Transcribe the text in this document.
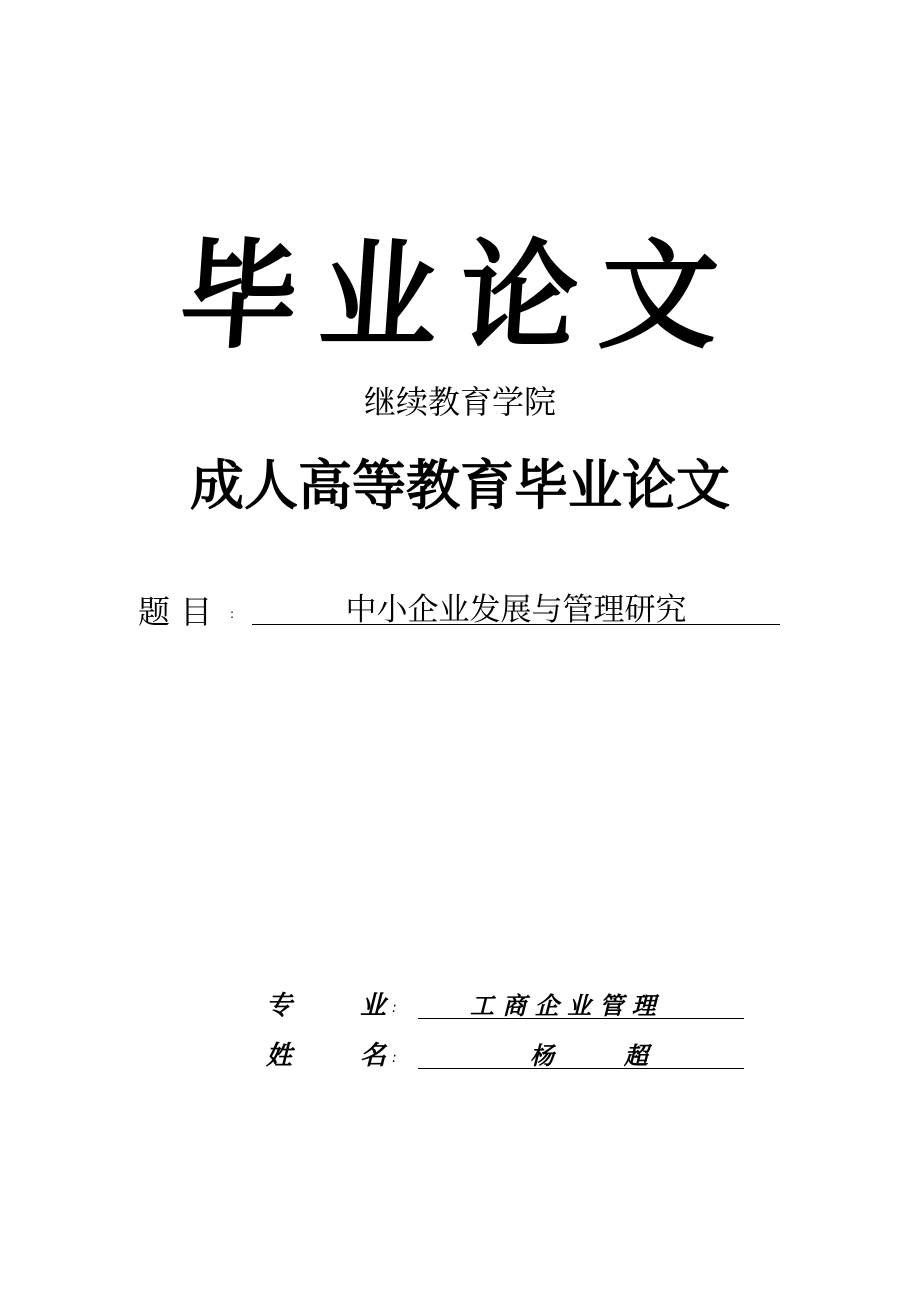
毕业论文
继续教育学院
成人高等教育毕业论文
题 目 :	中小企业发展与管理研究
专	业 :	工 商 企 业 管 理
姓	名 :	杨	超
